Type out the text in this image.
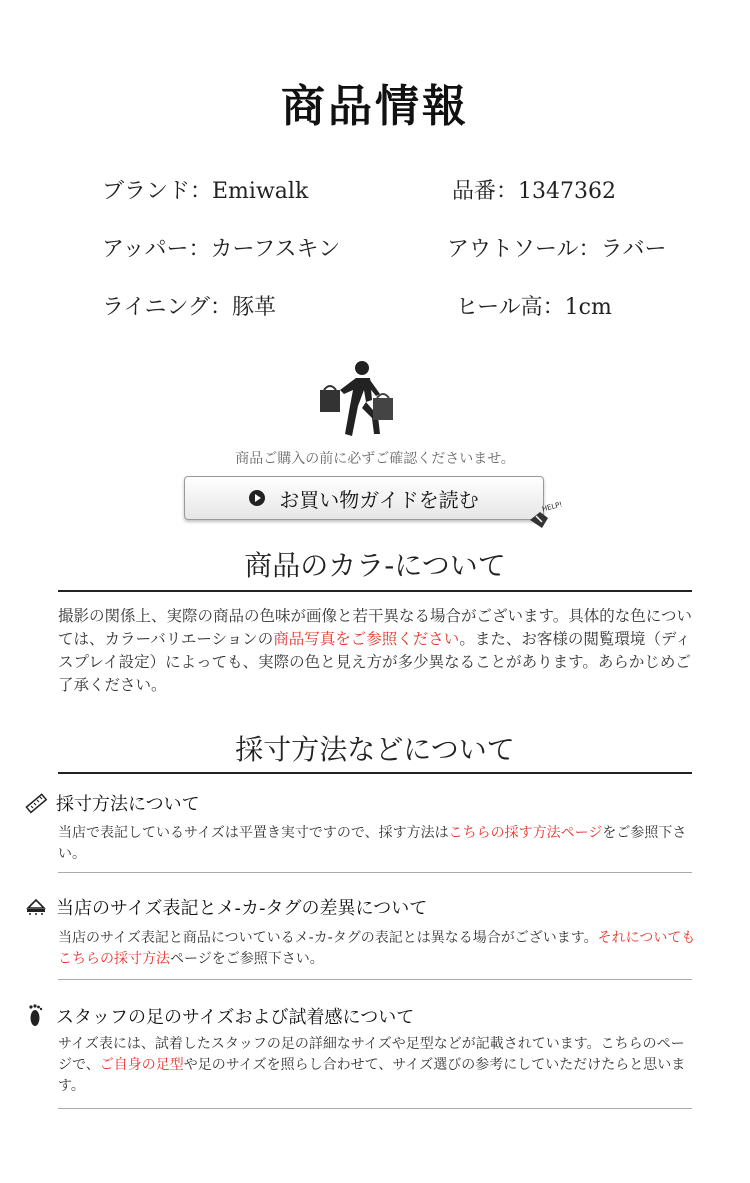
商品情報
ブランド：Emiwalk	品番：1347362
アッパー：カーフスキン	アウトソール：ラバー
ライニング：豚革	ヒール高：1cm
商品ご購入の前に必ずご確認くださいませ。
お買い物ガイドを読む	HELP!
商品のカラ-について
撮影の関係上、実際の商品の色味が画像と若干異なる場合がございます。具体的な色については、カラーバリエーションの商品写真をご参照ください。また、お客様の閲覧環境（ディスプレイ設定）によっても、実際の色と見え方が多少異なることがあります。あらかじめご了承ください。
採寸方法などについて
採寸方法について
当店で表記しているサイズは平置き実寸ですので、採す方法はこちらの採す方法ページをご参照下さい。
当店のサイズ表記とメ-カ-タグの差異について
当店のサイズ表記と商品についているメ-カ-タグの表記とは異なる場合がございます。それについてもこちらの採寸方法ページをご参照下さい。
スタッフの足のサイズおよび試着感について
サイズ表には、試着したスタッフの足の詳細なサイズや足型などが記載されています。こちらのページで、ご自身の足型や足のサイズを照らし合わせて、サイズ選びの参考にしていただけたらと思います。
